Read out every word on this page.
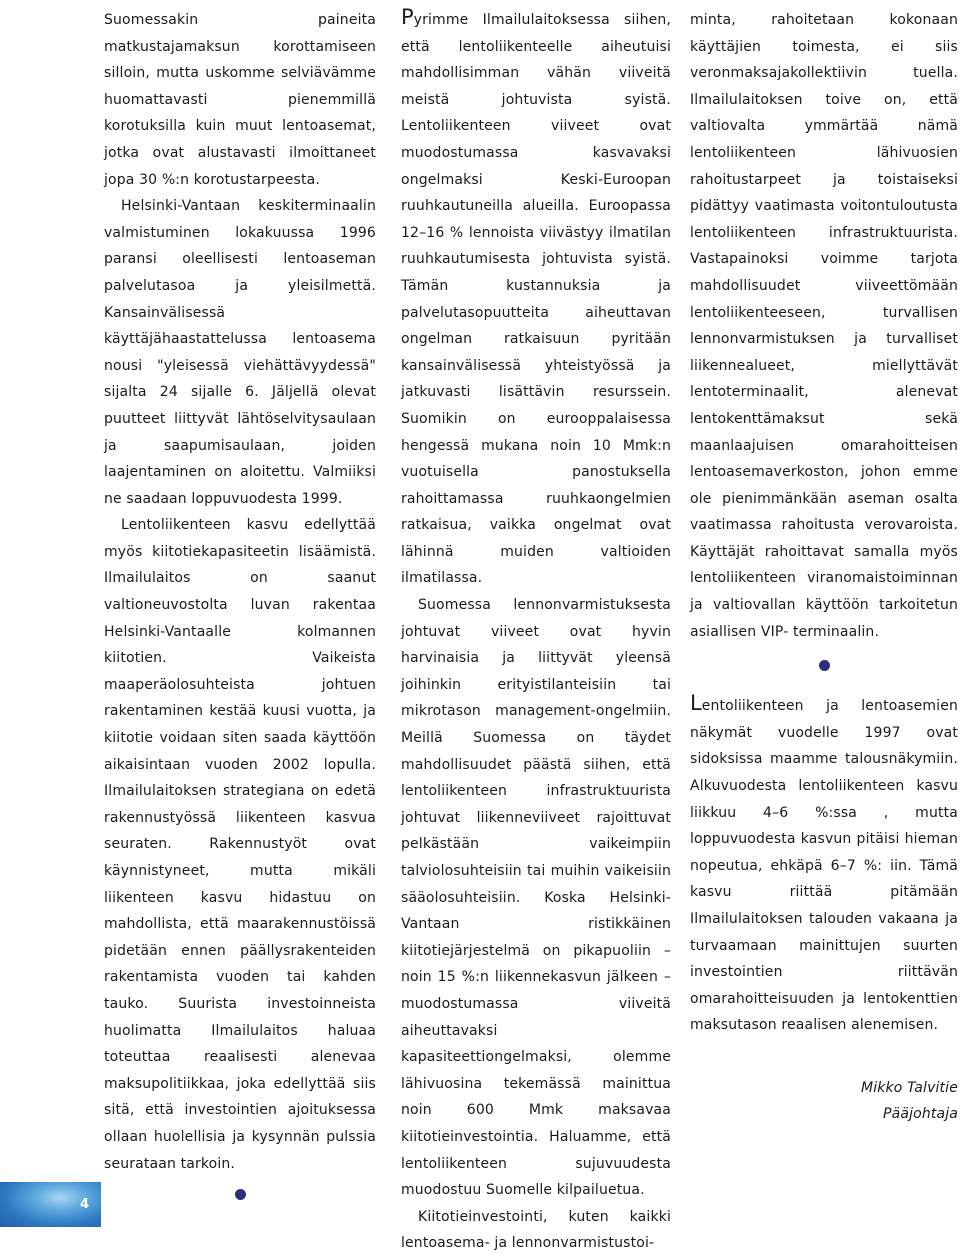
Suomessakin paineita matkustajamaksun korottamiseen silloin, mutta uskomme selviävämme huomattavasti pienemmillä korotuksilla kuin muut lentoasemat, jotka ovat alustavasti ilmoittaneet jopa 30 %:n korotustarpeesta.

Helsinki-Vantaan keskiterminaalin valmistuminen lokakuussa 1996 paransi oleellisesti lentoaseman palvelutasoa ja yleisilmettä. Kansainvälisessä käyttäjähaastattelussa lentoasema nousi "yleisessä viehättävyydessä" sijalta 24 sijalle 6. Jäljellä olevat puutteet liittyvät lähtöselvitysaulaan ja saapumisaulaan, joiden laajentaminen on aloitettu. Valmiiksi ne saadaan loppuvuodesta 1999.

Lentoliikenteen kasvu edellyttää myös kiitotiekapasiteetin lisäämistä. Ilmailulaitos on saanut valtioneuvostolta luvan rakentaa Helsinki-Vantaalle kolmannen kiitotien. Vaikeista maaperäolosuhteista johtuen rakentaminen kestää kuusi vuotta, ja kiitotie voidaan siten saada käyttöön aikaisintaan vuoden 2002 lopulla. Ilmailulaitoksen strategiana on edetä rakennustyössä liikenteen kasvua seuraten. Rakennustyöt ovat käynnistyneet, mutta mikäli liikenteen kasvu hidastuu on mahdollista, että maarakennustöissä pidetään ennen päällysrakenteiden rakentamista vuoden tai kahden tauko. Suurista investoinneista huolimatta Ilmailulaitos haluaa toteuttaa reaalisesti alenevaa maksupolitiikkaa, joka edellyttää siis sitä, että investointien ajoituksessa ollaan huolellisia ja kysynnän pulssia seurataan tarkoin.

Pyrimme Ilmailulaitoksessa siihen, että lentoliikenteelle aiheutuisi mahdollisimman vähän viiveitä meistä johtuvista syistä. Lentoliikenteen viiveet ovat muodostumassa kasvavaksi ongelmaksi Keski-Euroopan ruuhkautuneilla alueilla. Euroopassa 12–16 % lennoista viivästyy ilmatilan ruuhkautumisesta johtuvista syistä. Tämän kustannuksia ja palvelutasopuutteita aiheuttavan ongelman ratkaisuun pyritään kansainvälisessä yhteistyössä ja jatkuvasti lisättävin resurssein. Suomikin on eurooppalaisessa hengessä mukana noin 10 Mmk:n vuotuisella panostuksella rahoittamassa ruuhkaongelmien ratkaisua, vaikka ongelmat ovat lähinnä muiden valtioiden ilmatilassa.

Suomessa lennonvarmistuksesta johtuvat viiveet ovat hyvin harvinaisia ja liittyvät yleensä joihinkin erityistilanteisiin tai mikrotason management-ongelmiin. Meillä Suomessa on täydet mahdollisuudet päästä siihen, että lentoliikenteen infrastruktuurista johtuvat liikenneviiveet rajoittuvat pelkästään vaikeimpiin talviolosuhteisiin tai muihin vaikeisiin sääolosuhteisiin. Koska Helsinki-Vantaan ristikkäinen kiitotiejärjestelmä on pikapuoliin – noin 15 %:n liikennekasvun jälkeen – muodostumassa viiveitä aiheuttavaksi kapasiteettiongelmaksi, olemme lähivuosina tekemässä mainittua noin 600 Mmk maksavaa kiitotieinvestointia. Haluamme, että lentoliikenteen sujuvuudesta muodostuu Suomelle kilpailuetua.

Kiitotieinvestointi, kuten kaikki lentoasema- ja lennonvarmistustoi-

minta, rahoitetaan kokonaan käyttäjien toimesta, ei siis veronmaksajakollektiivin tuella. Ilmailulaitoksen toive on, että valtiovalta ymmärtää nämä lentoliikenteen lähivuosien rahoitustarpeet ja toistaiseksi pidättyy vaatimasta voitontuloutusta lentoliikenteen infrastruktuurista. Vastapainoksi voimme tarjota mahdollisuudet viiveettömään lentoliikenteeseen, turvallisen lennonvarmistuksen ja turvalliset liikennealueet, miellyttävät lentoterminaalit, alenevat lentokenttämaksut sekä maanlaajuisen omarahoitteisen lentoasemaverkoston, johon emme ole pienimmänkään aseman osalta vaatimassa rahoitusta verovaroista. Käyttäjät rahoittavat samalla myös lentoliikenteen viranomaistoiminnan ja valtiovallan käyttöön tarkoitetun asiallisen VIP- terminaalin.

Lentoliikenteen ja lentoasemien näkymät vuodelle 1997 ovat sidoksissa maamme talousnäkymiin. Alkuvuodesta lentoliikenteen kasvu liikkuu 4–6 %:ssa , mutta loppuvuodesta kasvun pitäisi hieman nopeutua, ehkäpä 6–7 %: iin. Tämä kasvu riittää pitämään Ilmailulaitoksen talouden vakaana ja turvaamaan mainittujen suurten investointien riittävän omarahoitteisuuden ja lentokenttien maksutason reaalisen alenemisen.

Mikko Talvitie
Pääjohtaja
4
